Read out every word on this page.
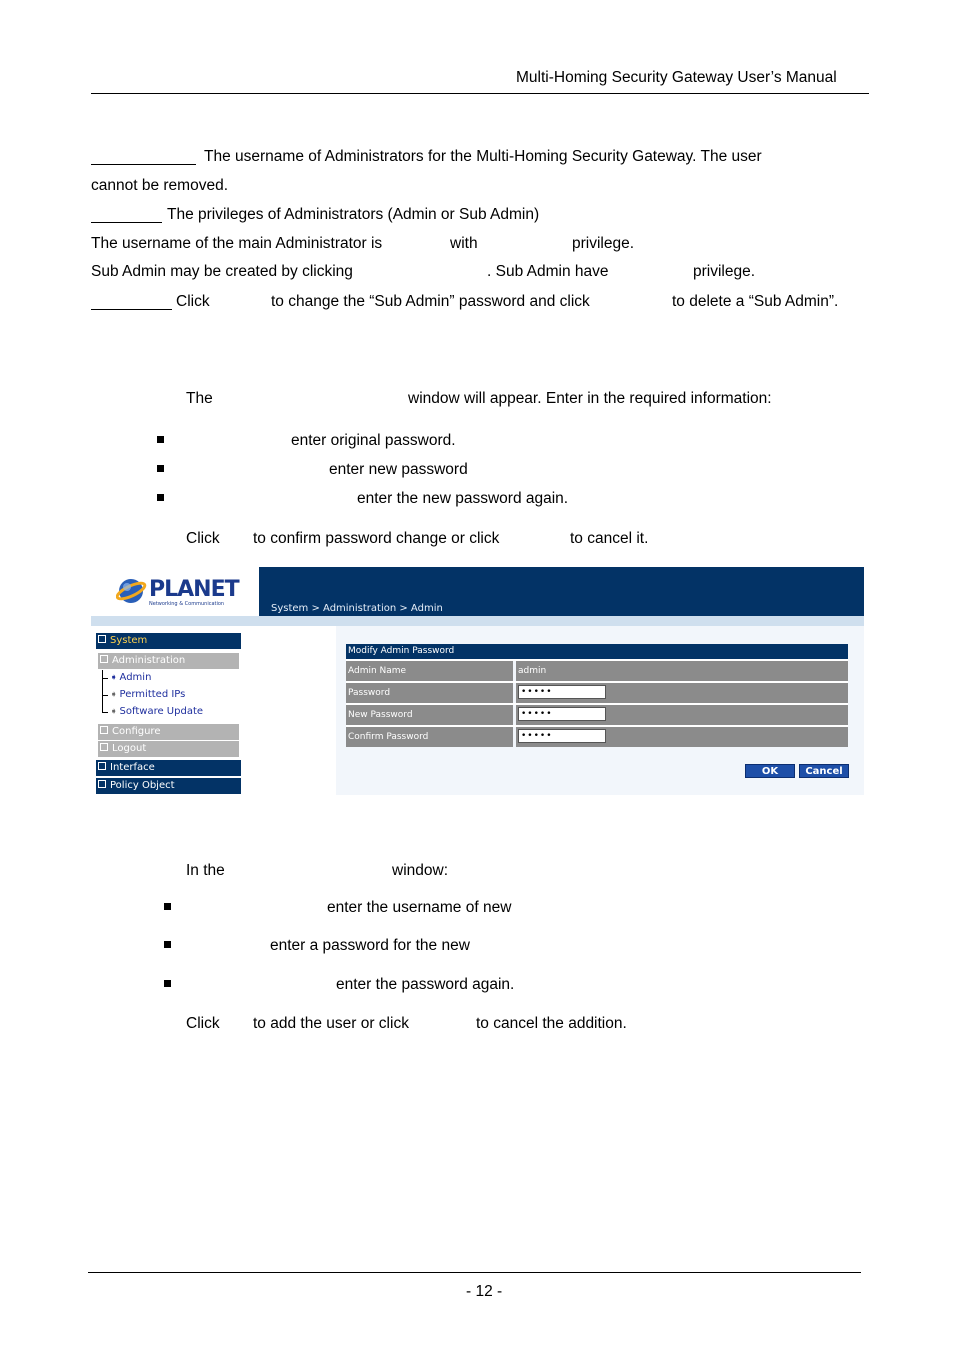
Multi-Homing Security Gateway User’s Manual
The username of Administrators for the Multi-Homing Security Gateway. The user
cannot be removed.
The privileges of Administrators (Admin or Sub Admin)
The username of the main Administrator is	with	privilege.
Sub Admin may be created by clicking	. Sub Admin have	privilege.
Click	to change the “Sub Admin” password and click	to delete a “Sub Admin”.
The	window will appear. Enter in the required information:
enter original password.
enter new password
enter the new password again.
Click to confirm password change or click	to cancel it.
PLANET
Networking & Communication	System > Administration > Admin
System
Administration
➧ Admin
➧ Permitted IPs
➧ Software Update
Configure
Logout
Interface
Policy Object
Modify Admin Password
Admin Name	admin
Password	•••••
New Password	•••••
Confirm Password	•••••
OK	Cancel
In the	window:
enter the username of new
enter a password for the new
enter the password again.
Click to add the user or click	to cancel the addition.
- 12 -
